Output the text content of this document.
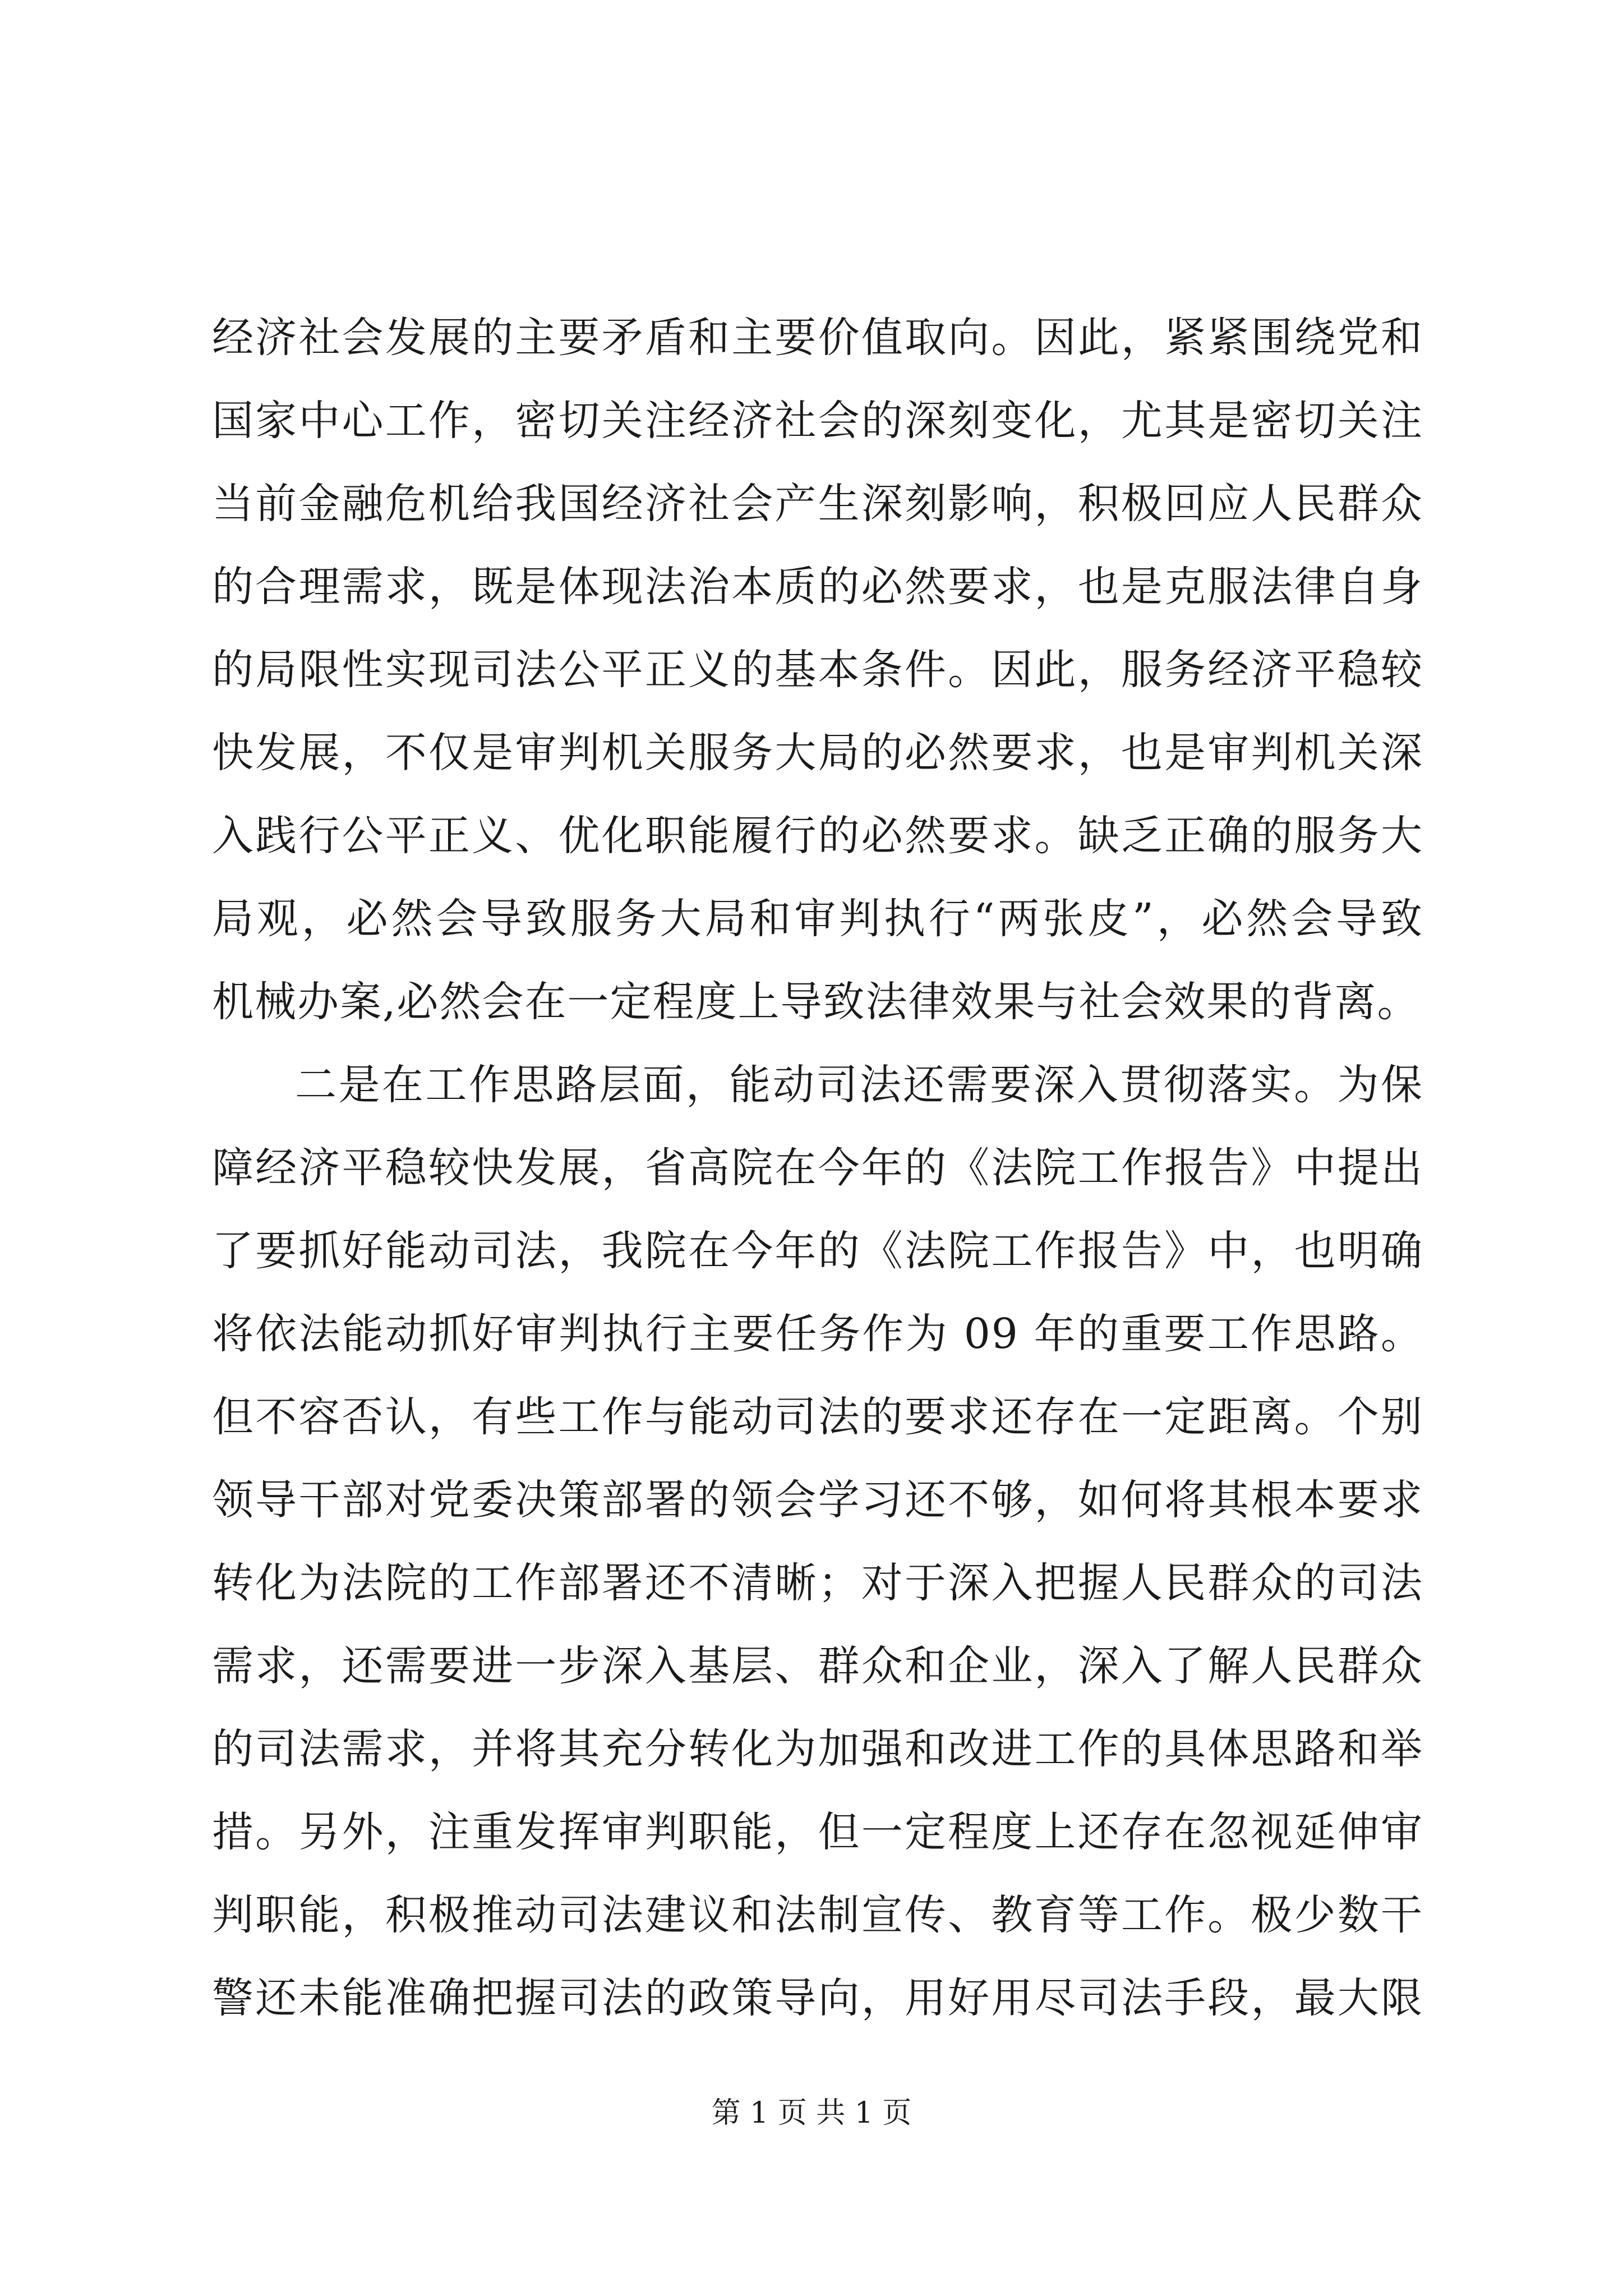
经济社会发展的主要矛盾和主要价值取向。因此，紧紧围绕党和
国家中心工作，密切关注经济社会的深刻变化，尤其是密切关注
当前金融危机给我国经济社会产生深刻影响，积极回应人民群众
的合理需求，既是体现法治本质的必然要求，也是克服法律自身
的局限性实现司法公平正义的基本条件。因此，服务经济平稳较
快发展，不仅是审判机关服务大局的必然要求，也是审判机关深
入践行公平正义、优化职能履行的必然要求。缺乏正确的服务大
局观，必然会导致服务大局和审判执行“两张皮”，必然会导致
机械办案,必然会在一定程度上导致法律效果与社会效果的背离。
二是在工作思路层面，能动司法还需要深入贯彻落实。为保
障经济平稳较快发展，省高院在今年的《法院工作报告》中提出
了要抓好能动司法，我院在今年的《法院工作报告》中，也明确
将依法能动抓好审判执行主要任务作为 09 年的重要工作思路。
但不容否认，有些工作与能动司法的要求还存在一定距离。个别
领导干部对党委决策部署的领会学习还不够，如何将其根本要求
转化为法院的工作部署还不清晰；对于深入把握人民群众的司法
需求，还需要进一步深入基层、群众和企业，深入了解人民群众
的司法需求，并将其充分转化为加强和改进工作的具体思路和举
措。另外，注重发挥审判职能，但一定程度上还存在忽视延伸审
判职能，积极推动司法建议和法制宣传、教育等工作。极少数干
警还未能准确把握司法的政策导向，用好用尽司法手段，最大限
第 1 页 共 1 页
